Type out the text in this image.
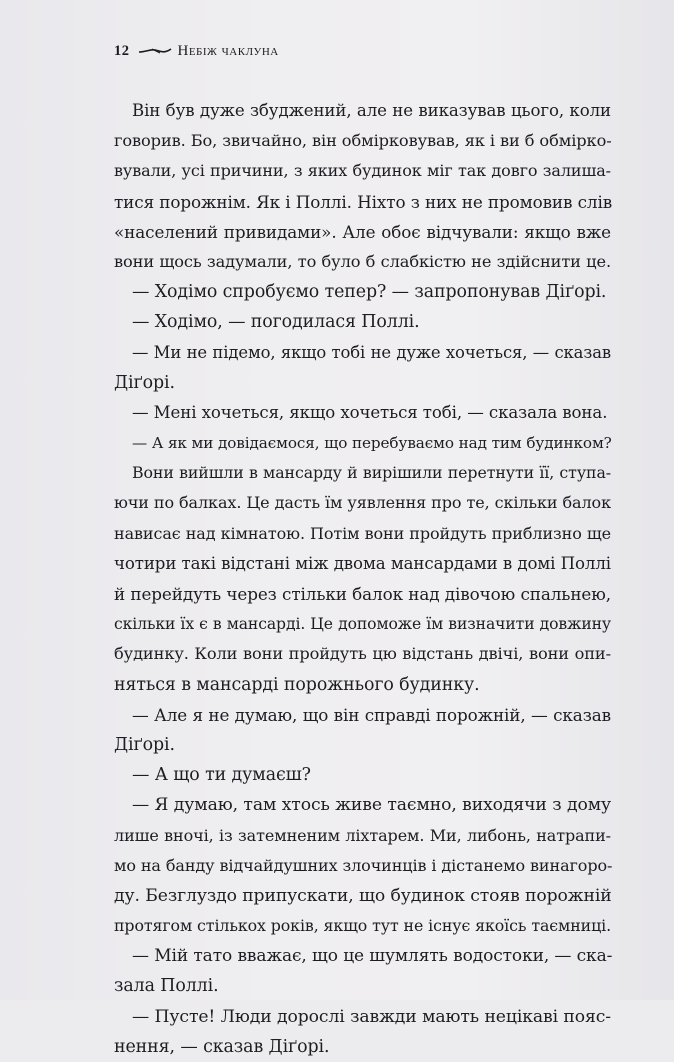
12	Небіж чаклуна
Він був дуже збуджений, але не виказував цього, коли
говорив. Бо, звичайно, він обмірковував, як і ви б обмірко-
вували, усі причини, з яких будинок міг так довго залиша-
тися порожнім. Як і Поллі. Ніхто з них не промовив слів
«населений привидами». Але обоє відчували: якщо вже
вони щось задумали, то було б слабкістю не здійснити це.
— Ходімо спробуємо тепер? — запропонував Діґорі.
— Ходімо, — погодилася Поллі.
— Ми не підемо, якщо тобі не дуже хочеться, — сказав
Діґорі.
— Мені хочеться, якщо хочеться тобі, — сказала вона.
— А як ми довідаємося, що перебуваємо над тим будинком?
Вони вийшли в мансарду й вирішили перетнути її, ступа-
ючи по балках. Це дасть їм уявлення про те, скільки балок
нависає над кімнатою. Потім вони пройдуть приблизно ще
чотири такі відстані між двома мансардами в домі Поллі
й перейдуть через стільки балок над дівочою спальнею,
скільки їх є в мансарді. Це допоможе їм визначити довжину
будинку. Коли вони пройдуть цю відстань двічі, вони опи-
няться в мансарді порожнього будинку.
— Але я не думаю, що він справді порожній, — сказав
Діґорі.
— А що ти думаєш?
— Я думаю, там хтось живе таємно, виходячи з дому
лише вночі, із затемненим ліхтарем. Ми, либонь, натрапи-
мо на банду відчайдушних злочинців і дістанемо винагоро-
ду. Безглуздо припускати, що будинок стояв порожній
протягом стількох років, якщо тут не існує якоїсь таємниці.
— Мій тато вважає, що це шумлять водостоки, — ска-
зала Поллі.
— Пусте! Люди дорослі завжди мають нецікаві пояс-
нення, — сказав Діґорі.
